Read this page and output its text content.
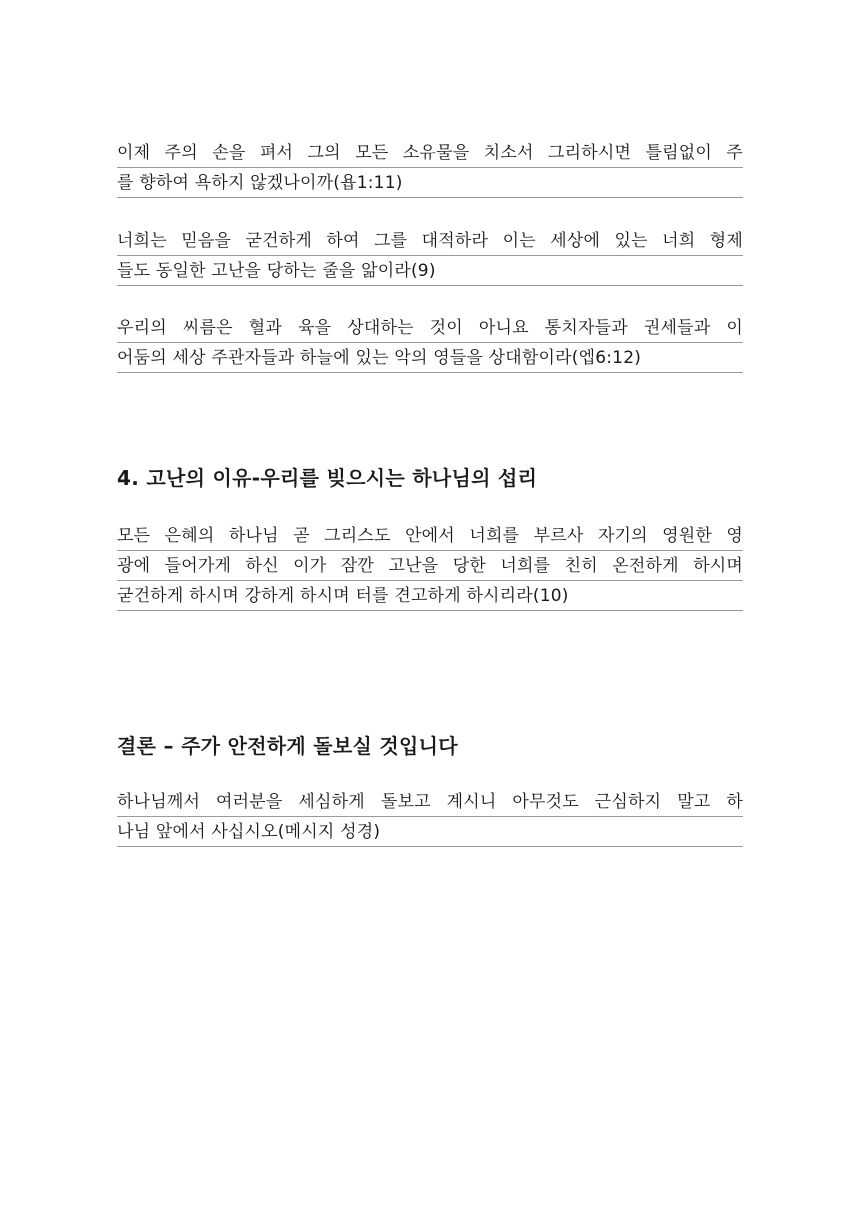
이제 주의 손을 펴서 그의 모든 소유물을 치소서 그리하시면 틀림없이 주
를 향하여 욕하지 않겠나이까(욥1:11)
너희는 믿음을 굳건하게 하여 그를 대적하라 이는 세상에 있는 너희 형제
들도 동일한 고난을 당하는 줄을 앎이라(9)
우리의 씨름은 혈과 육을 상대하는 것이 아니요 통치자들과 권세들과 이
어둠의 세상 주관자들과 하늘에 있는 악의 영들을 상대함이라(엡6:12)
4. 고난의 이유-우리를 빚으시는 하나님의 섭리
모든 은혜의 하나님 곧 그리스도 안에서 너희를 부르사 자기의 영원한 영
광에 들어가게 하신 이가 잠깐 고난을 당한 너희를 친히 온전하게 하시며
굳건하게 하시며 강하게 하시며 터를 견고하게 하시리라(10)
결론 – 주가 안전하게 돌보실 것입니다
하나님께서 여러분을 세심하게 돌보고 계시니 아무것도 근심하지 말고 하
나님 앞에서 사십시오(메시지 성경)
